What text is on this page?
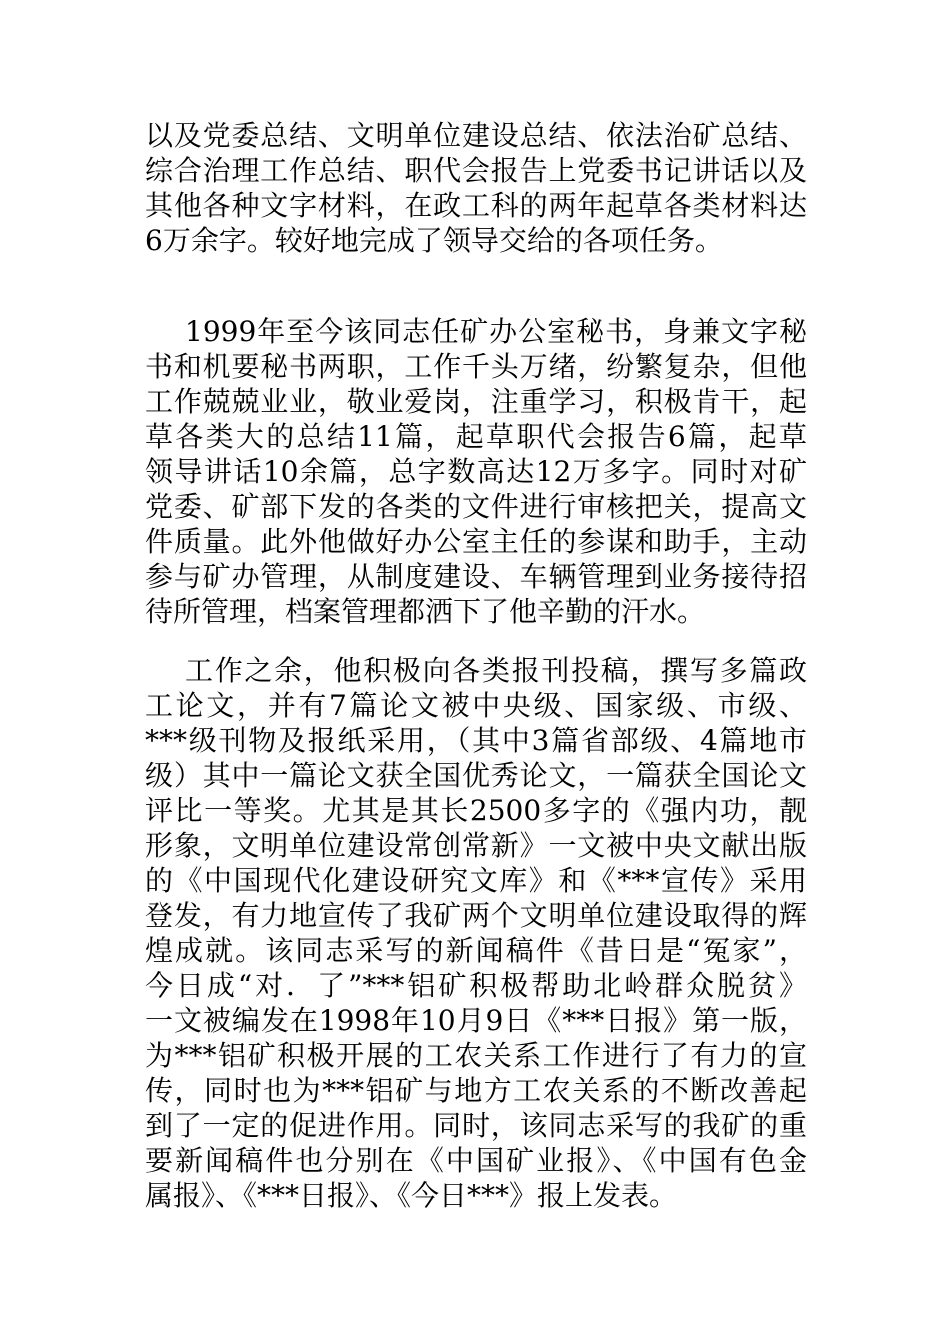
以及党委总结、文明单位建设总结、依法治矿总结、
综合治理工作总结、职代会报告上党委书记讲话以及
其他各种文字材料，在政工科的两年起草各类材料达
6万余字。较好地完成了领导交给的各项任务。
1999年至今该同志任矿办公室秘书，身兼文字秘
书和机要秘书两职，工作千头万绪，纷繁复杂，但他
工作兢兢业业，敬业爱岗，注重学习，积极肯干，起
草各类大的总结11篇，起草职代会报告6篇，起草
领导讲话10余篇，总字数高达12万多字。同时对矿
党委、矿部下发的各类的文件进行审核把关，提高文
件质量。此外他做好办公室主任的参谋和助手，主动
参与矿办管理，从制度建设、车辆管理到业务接待招
待所管理，档案管理都洒下了他辛勤的汗水。
工作之余，他积极向各类报刊投稿，撰写多篇政
工论文，并有7篇论文被中央级、国家级、市级、
***级刊物及报纸采用，（其中3篇省部级、4篇地市
级）其中一篇论文获全国优秀论文，一篇获全国论文
评比一等奖。尤其是其长2500多字的《强内功，靓
形象，文明单位建设常创常新》一文被中央文献出版
的《中国现代化建设研究文库》和《***宣传》采用
登发，有力地宣传了我矿两个文明单位建设取得的辉
煌成就。该同志采写的新闻稿件《昔日是“冤家”，
今日成“对．了”***铝矿积极帮助北岭群众脱贫》
一文被编发在1998年10月9日《***日报》第一版，
为***铝矿积极开展的工农关系工作进行了有力的宣
传，同时也为***铝矿与地方工农关系的不断改善起
到了一定的促进作用。同时，该同志采写的我矿的重
要新闻稿件也分别在《中国矿业报》、《中国有色金
属报》、《***日报》、《今日***》报上发表。
